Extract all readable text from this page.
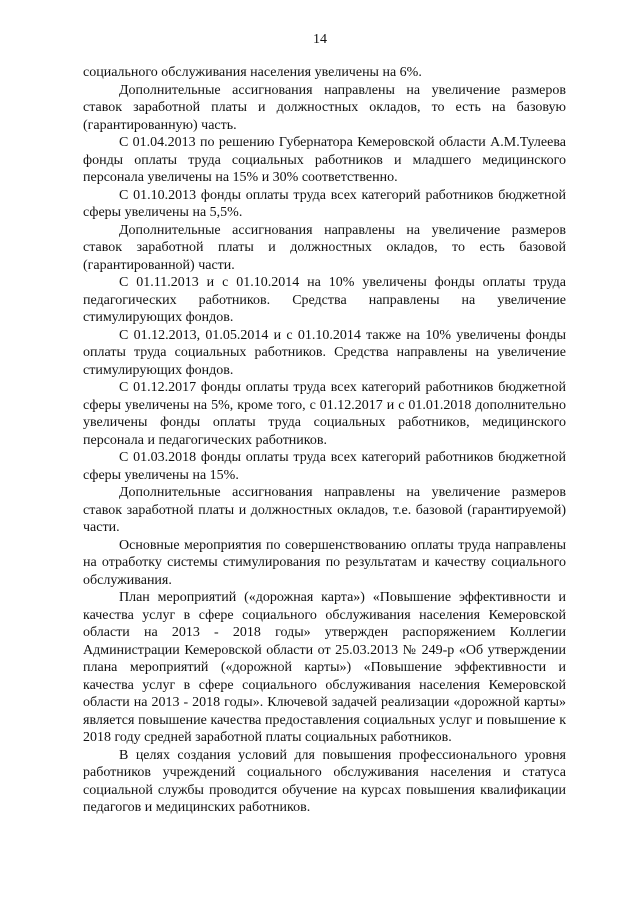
14

социального обслуживания населения увеличены на 6%.

Дополнительные ассигнования направлены на увеличение размеров ставок заработной платы и должностных окладов, то есть на базовую (гарантированную) часть.

С 01.04.2013 по решению Губернатора Кемеровской области А.М.Тулеева фонды оплаты труда социальных работников и младшего медицинского персонала увеличены на 15% и 30% соответственно.

С 01.10.2013 фонды оплаты труда всех категорий работников бюджетной сферы увеличены на 5,5%.

Дополнительные ассигнования направлены на увеличение размеров ставок заработной платы и должностных окладов, то есть базовой (гарантированной) части.

С 01.11.2013 и с 01.10.2014 на 10% увеличены фонды оплаты труда педагогических работников. Средства направлены на увеличение стимулирующих фондов.

С 01.12.2013, 01.05.2014 и с 01.10.2014 также на 10% увеличены фонды оплаты труда социальных работников. Средства направлены на увеличение стимулирующих фондов.

С 01.12.2017 фонды оплаты труда всех категорий работников бюджетной сферы увеличены на 5%, кроме того, с 01.12.2017 и с 01.01.2018 дополнительно увеличены фонды оплаты труда социальных работников, медицинского персонала и педагогических работников.

С 01.03.2018 фонды оплаты труда всех категорий работников бюджетной сферы увеличены на 15%.

Дополнительные ассигнования направлены на увеличение размеров ставок заработной платы и должностных окладов, т.е. базовой (гарантируемой) части.

Основные мероприятия по совершенствованию оплаты труда направлены на отработку системы стимулирования по результатам и качеству социального обслуживания.

План мероприятий («дорожная карта») «Повышение эффективности и качества услуг в сфере социального обслуживания населения Кемеровской области на 2013 - 2018 годы» утвержден распоряжением Коллегии Администрации Кемеровской области от 25.03.2013 № 249-р «Об утверждении плана мероприятий («дорожной карты») «Повышение эффективности и качества услуг в сфере социального обслуживания населения Кемеровской области на 2013 - 2018 годы». Ключевой задачей реализации «дорожной карты» является повышение качества предоставления социальных услуг и повышение к 2018 году средней заработной платы социальных работников.

В целях создания условий для повышения профессионального уровня работников учреждений социального обслуживания населения и статуса социальной службы проводится обучение на курсах повышения квалификации педагогов и медицинских работников.
